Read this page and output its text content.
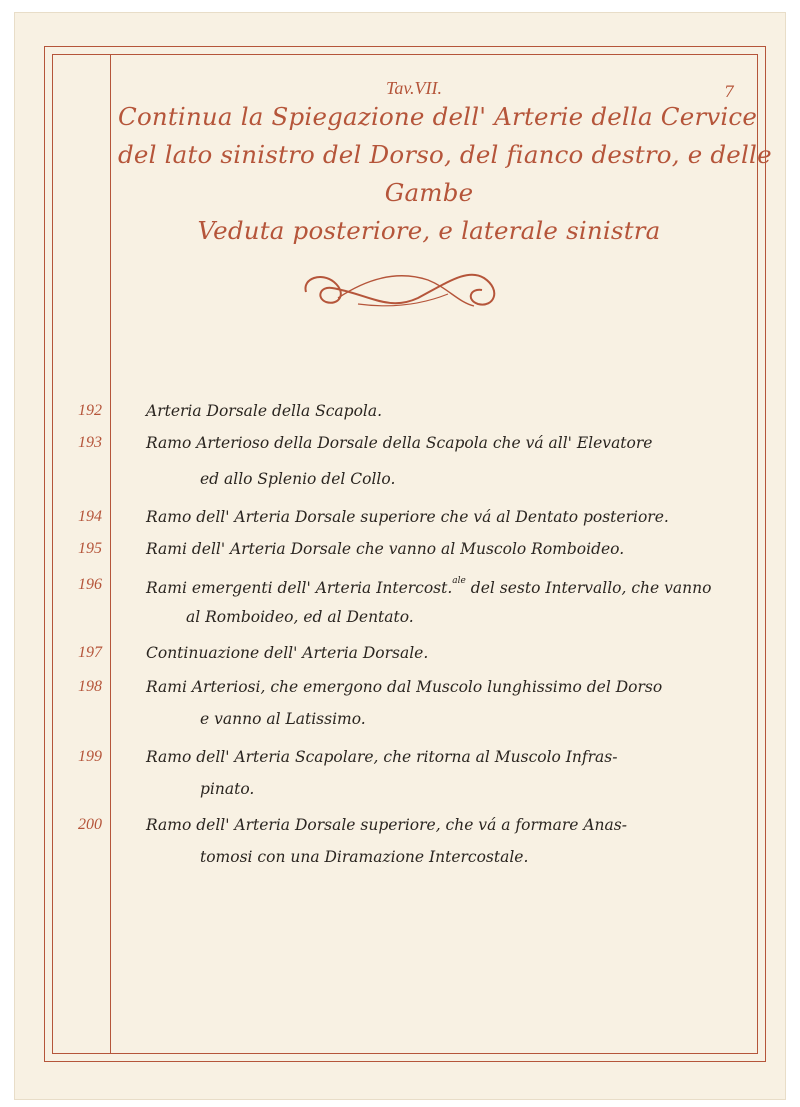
7
Tav.VII.
Continua la Spiegazione dell' Arterie della Cervice
del lato sinistro del Dorso, del fianco destro, e delle
Gambe
Veduta posteriore, e laterale sinistra
192	Arteria Dorsale della Scapola.
193	Ramo Arterioso della Dorsale della Scapola che vá all' Elevatore
ed allo Splenio del Collo.
194	Ramo dell' Arteria Dorsale superiore che vá al Dentato posteriore.
195	Rami dell' Arteria Dorsale che vanno al Muscolo Romboideo.
196	Rami emergenti dell' Arteria Intercost.$^{ale}$ del sesto Intervallo, che vanno
al Romboideo, ed al Dentato.
197	Continuazione dell' Arteria Dorsale.
198	Rami Arteriosi, che emergono dal Muscolo lunghissimo del Dorso
e vanno al Latissimo.
199	Ramo dell' Arteria Scapolare, che ritorna al Muscolo Infras-
pinato.
200	Ramo dell' Arteria Dorsale superiore, che vá a formare Anas-
tomosi con una Diramazione Intercostale.
